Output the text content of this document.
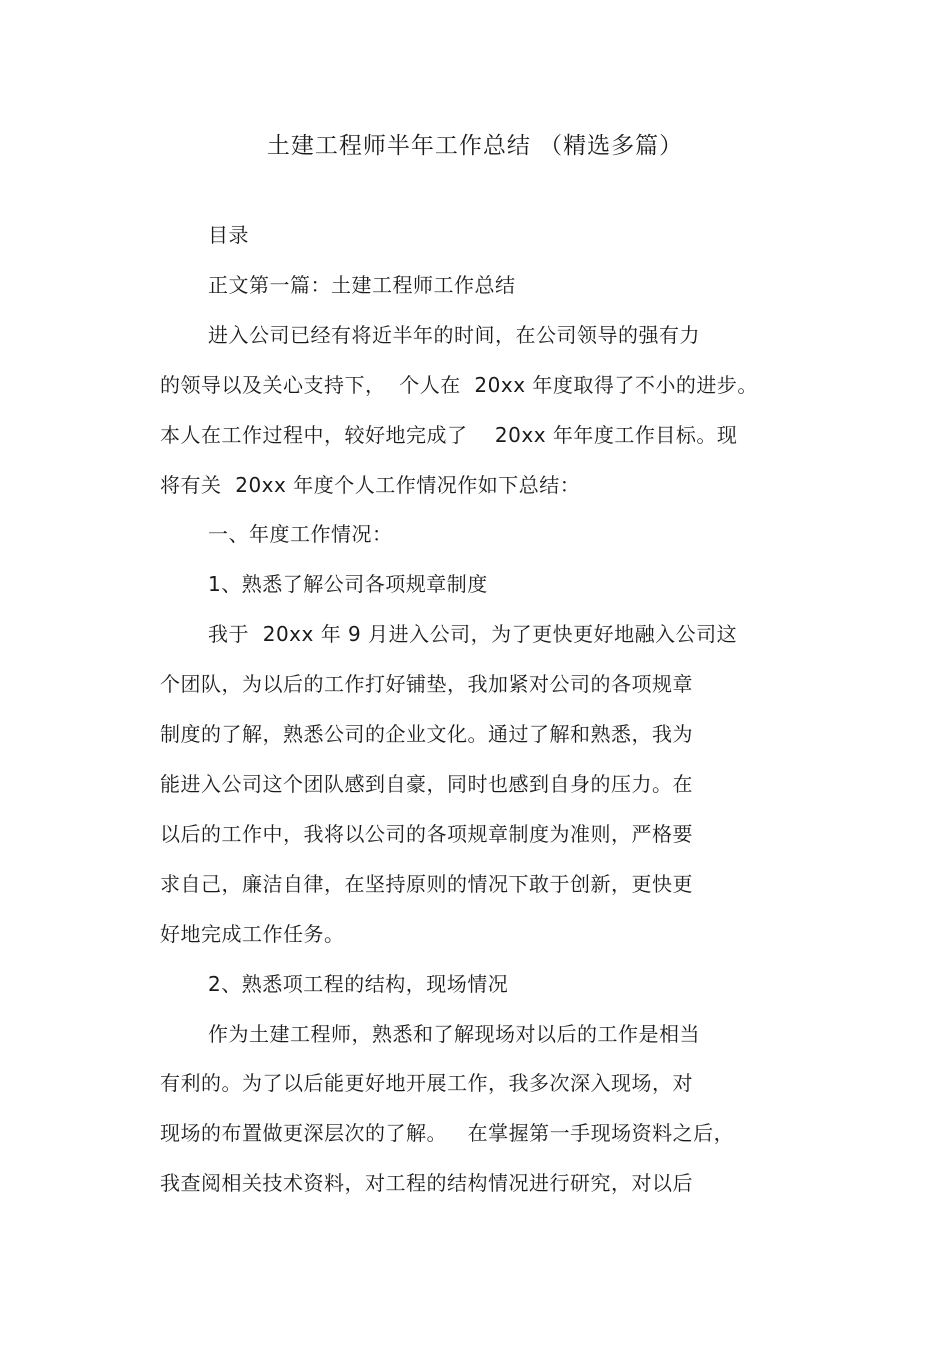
土建工程师半年工作总结 （精选多篇）
目录
正文第一篇：土建工程师工作总结
进入公司已经有将近半年的时间，在公司领导的强有力
的领导以及关心支持下，  个人在  20xx 年度取得了不小的进步。
本人在工作过程中，较好地完成了    20xx 年年度工作目标。现
将有关  20xx 年度个人工作情况作如下总结：
一、年度工作情况：
1、熟悉了解公司各项规章制度
我于  20xx 年 9 月进入公司，为了更快更好地融入公司这
个团队，为以后的工作打好铺垫，我加紧对公司的各项规章
制度的了解，熟悉公司的企业文化。通过了解和熟悉，我为
能进入公司这个团队感到自豪，同时也感到自身的压力。在
以后的工作中，我将以公司的各项规章制度为准则，严格要
求自己，廉洁自律，在坚持原则的情况下敢于创新，更快更
好地完成工作任务。
2、熟悉项工程的结构，现场情况
作为土建工程师，熟悉和了解现场对以后的工作是相当
有利的。为了以后能更好地开展工作，我多次深入现场，对
现场的布置做更深层次的了解。   在掌握第一手现场资料之后，
我查阅相关技术资料，对工程的结构情况进行研究，对以后
